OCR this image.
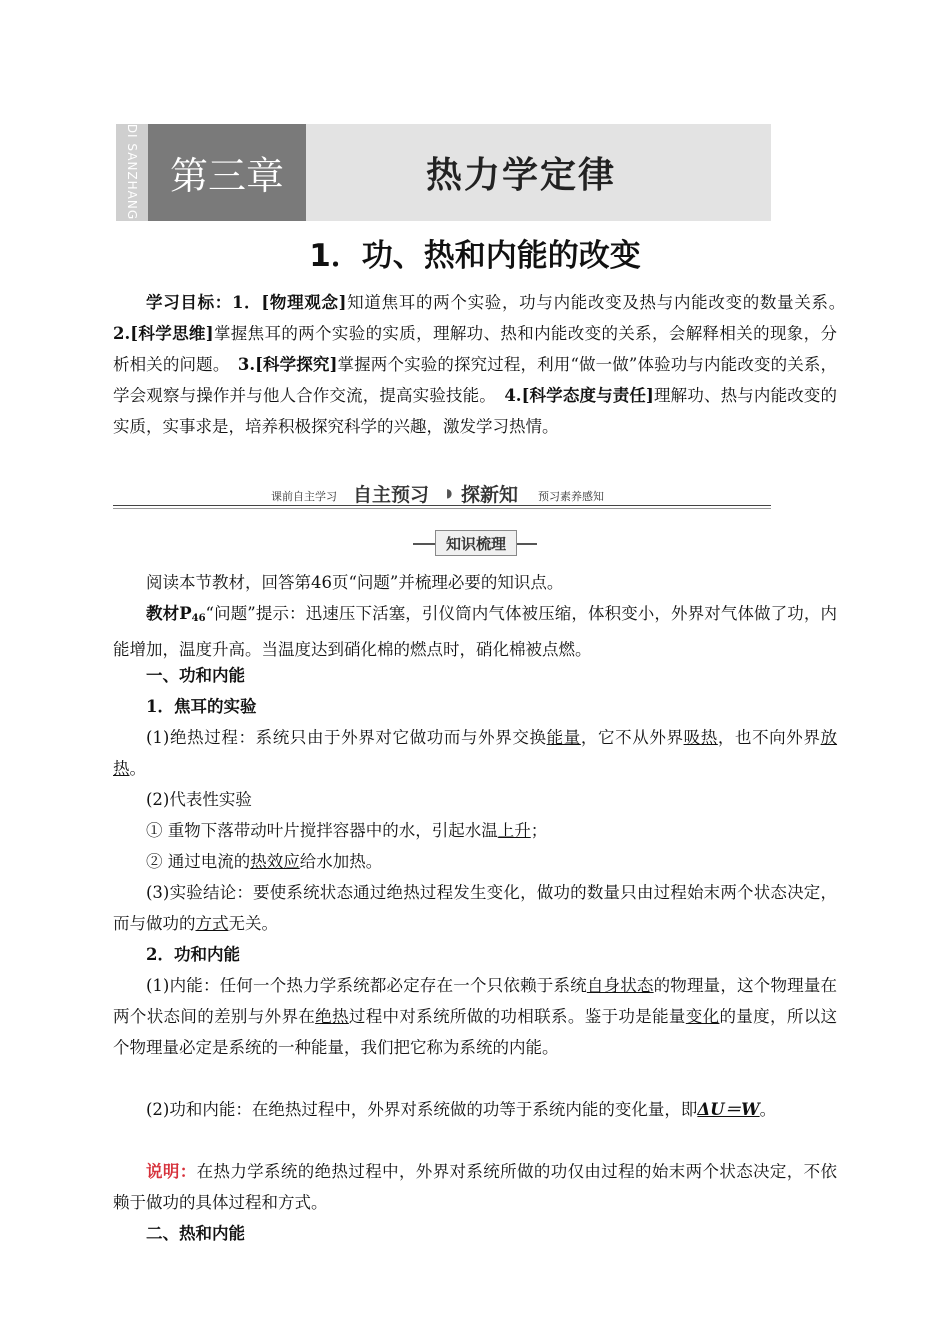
DI SANZHANG 第三章	热力学定律
1．功、热和内能的改变
学习目标：1．[物理观念]知道焦耳的两个实验，功与内能改变及热与内能改变的数量关系。　2.[科学思维]掌握焦耳的两个实验的实质，理解功、热和内能改变的关系，会解释相关的现象，分析相关的问题。　3.[科学探究]掌握两个实验的探究过程，利用“做一做”体验功与内能改变的关系，学会观察与操作并与他人合作交流，提高实验技能。　4.[科学态度与责任]理解功、热与内能改变的实质，实事求是，培养积极探究科学的兴趣，激发学习热情。
课前自主学习 自主预习 ◗ 探新知 预习素养感知
知识梳理
阅读本节教材，回答第46页“问题”并梳理必要的知识点。
教材$P_{46}“$问题”提示：迅速压下活塞，引仪筒内气体被压缩，体积变小，外界对气体做了功，内能增加，温度升高。当温度达到硝化棉的燃点时，硝化棉被点燃。
一、功和内能
1．焦耳的实验
(1)绝热过程：系统只由于外界对它做功而与外界交换能量，它不从外界吸热，也不向外界放热。
(2)代表性实验
① 重物下落带动叶片搅拌容器中的水，引起水温上升；
② 通过电流的热效应给水加热。
(3)实验结论：要使系统状态通过绝热过程发生变化，做功的数量只由过程始末两个状态决定，而与做功的方式无关。
2．功和内能
(1)内能：任何一个热力学系统都必定存在一个只依赖于系统自身状态的物理量，这个物理量在两个状态间的差别与外界在绝热过程中对系统所做的功相联系。鉴于功是能量变化的量度，所以这个物理量必定是系统的一种能量，我们把它称为系统的内能。
(2)功和内能：在绝热过程中，外界对系统做的功等于系统内能的变化量，即ΔU＝W。
说明：在热力学系统的绝热过程中，外界对系统所做的功仅由过程的始末两个状态决定，不依赖于做功的具体过程和方式。
二、热和内能
